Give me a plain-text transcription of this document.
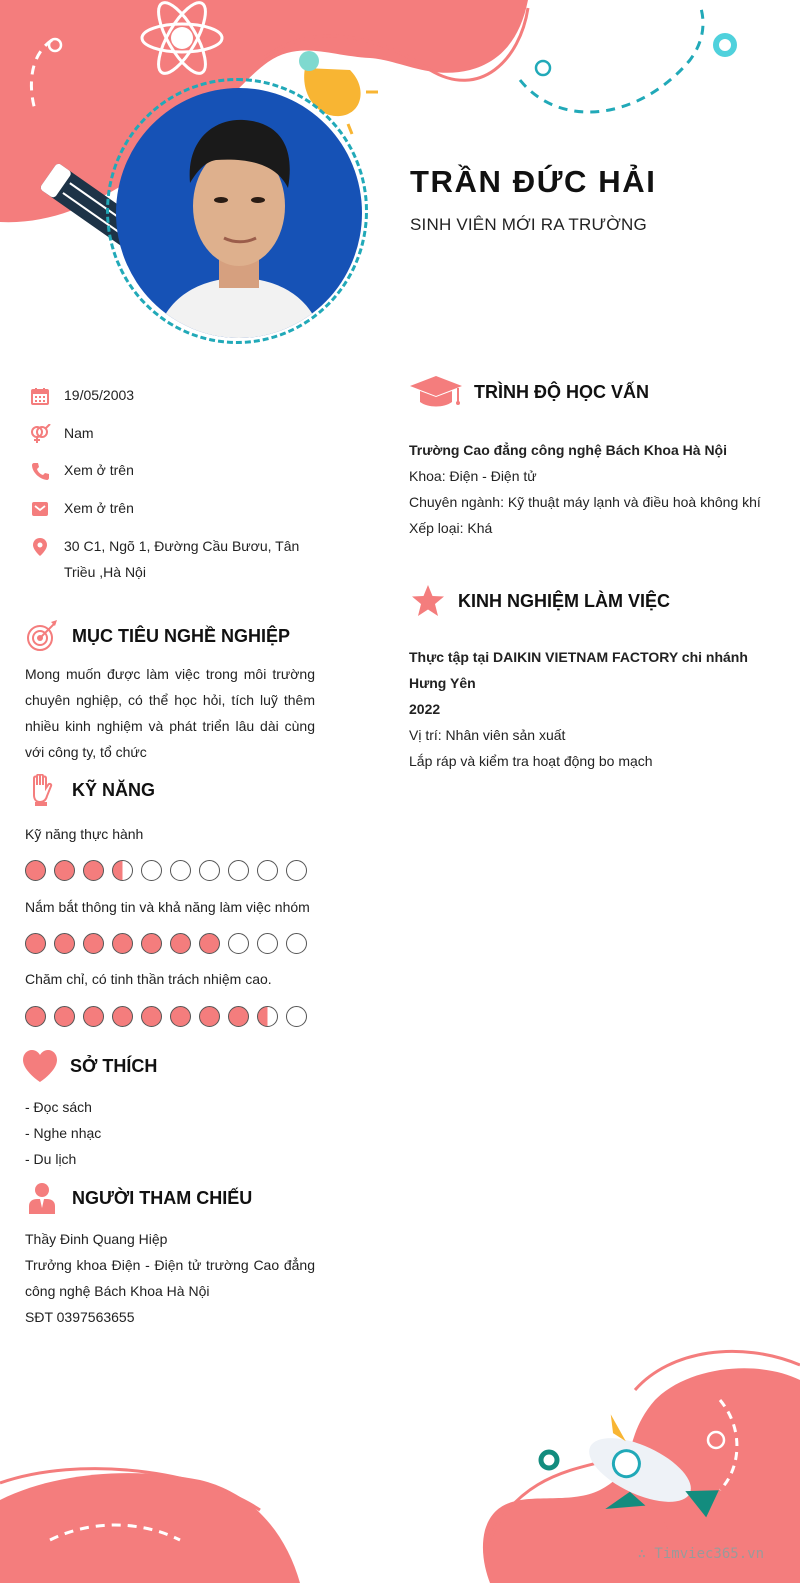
TRẦN ĐỨC HẢI
SINH VIÊN MỚI RA TRƯỜNG
19/05/2003
Nam
Xem ở trên
Xem ở trên
30 C1, Ngõ 1, Đường Cầu Bươu, Tân Triều ,Hà Nội
MỤC TIÊU NGHỀ NGHIỆP
Mong muốn được làm việc trong môi trường chuyên nghiệp, có thể học hỏi, tích luỹ thêm nhiều kinh nghiệm và phát triển lâu dài cùng với công ty, tổ chức
KỸ NĂNG
Kỹ năng thực hành
Nắm bắt thông tin và khả năng làm việc nhóm
Chăm chỉ, có tinh thần trách nhiệm cao.
SỞ THÍCH
- Đọc sách
- Nghe nhạc
- Du lịch
NGƯỜI THAM CHIẾU
Thầy Đinh Quang Hiệp
Trưởng khoa Điện - Điện tử trường Cao đẳng công nghệ Bách Khoa Hà Nội
SĐT 0397563655
TRÌNH ĐỘ HỌC VẤN
Trường Cao đẳng công nghệ Bách Khoa Hà Nội
Khoa: Điện - Điện tử
Chuyên ngành: Kỹ thuật máy lạnh và điều hoà không khí
Xếp loại: Khá
KINH NGHIỆM LÀM VIỆC
Thực tập tại DAIKIN VIETNAM FACTORY chi nhánh Hưng Yên
2022
Vị trí: Nhân viên sản xuất
Lắp ráp và kiểm tra hoạt động bo mạch
∴ Timviec365.vn
